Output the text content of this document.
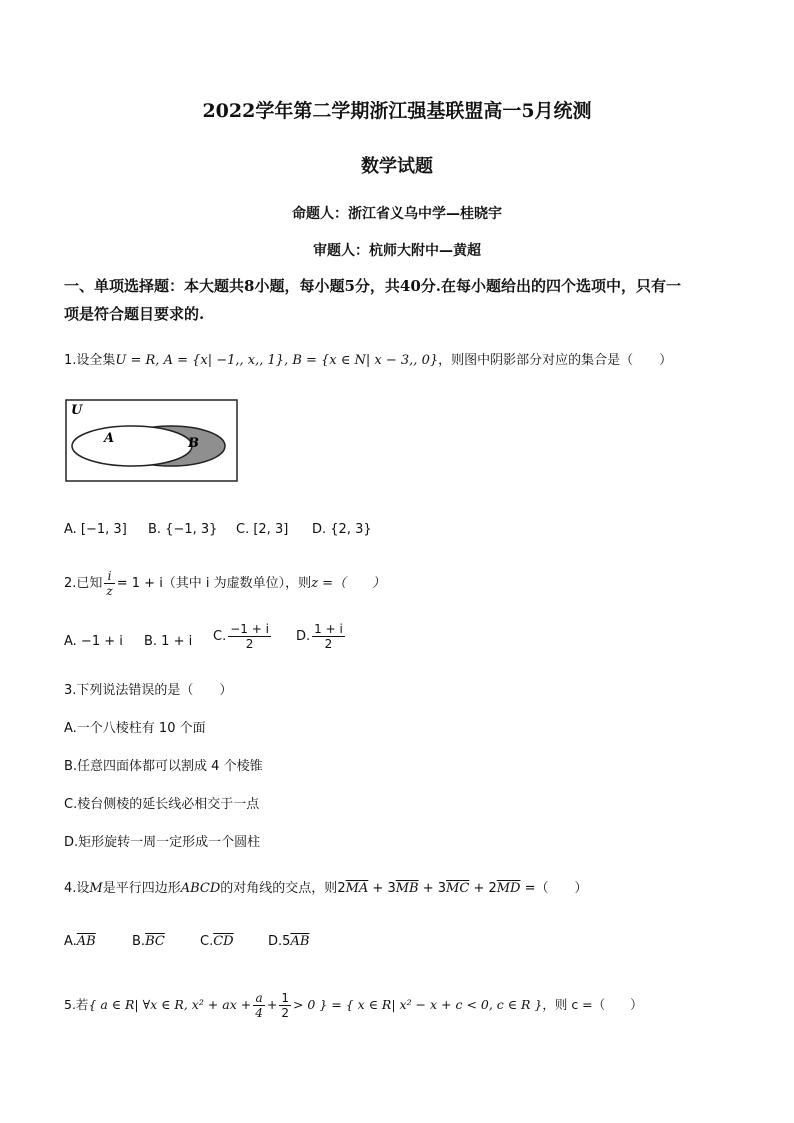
2022学年第二学期浙江强基联盟高一5月统测
数学试题
命题人：浙江省义乌中学—桂晓宇
审题人：杭师大附中—黄超
一、单项选择题：本大题共8小题，每小题5分，共40分.在每小题给出的四个选项中，只有一
项是符合题目要求的.
1.设全集U = R, A = {x| −1,, x,, 1}, B = {x ∈ N| x − 3,, 0}，则图中阴影部分对应的集合是（　　）
U
A	B
A. [−1, 3] B. {−1, 3} C. [2, 3] D. {2, 3}
2.已知 $\frac{i}{z} = 1 + i$（其中 i 为虚数单位），则z =（　　）
A. −1 + i B. 1 + i C. $\frac{-1 + i}{2} D$. $\frac{1 + i}{2}$
3.下列说法错误的是（　　）
A.一个八棱柱有 10 个面
B.任意四面体都可以割成 4 个棱锥
C.棱台侧棱的延长线必相交于一点
D.矩形旋转一周一定形成一个圆柱
4.设M是平行四边形ABCD的对角线的交点，则$2\overline{MA} + 3\overline{MB} + 3\overline{MC} + 2\overline{MD}$ =（　　）
$A.\overline{AB}$	$B.\overline{BC}$	$C.\overline{CD}$	$D.5\overline{AB}$
5.若{ a ∈ R| ∀x ∈ R, x² + ax + $\frac{a}{4} + \frac{1}{2} > 0$ } = { x ∈ R| x² − x + c < 0, c ∈ R }，则 c =（　　）
